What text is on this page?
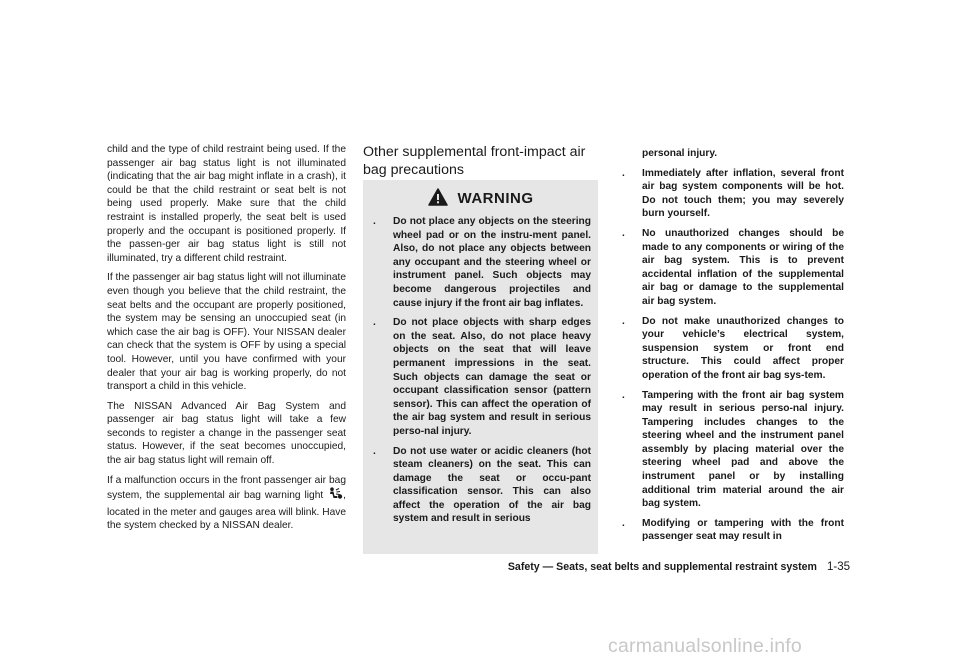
child and the type of child restraint being used. If the passenger air bag status light is not illuminated (indicating that the air bag might inflate in a crash), it could be that the child restraint or seat belt is not being used properly. Make sure that the child restraint is installed properly, the seat belt is used properly and the occupant is positioned properly. If the passen-ger air bag status light is still not illuminated, try a different child restraint.

If the passenger air bag status light will not illuminate even though you believe that the child restraint, the seat belts and the occupant are properly positioned, the system may be sensing an unoccupied seat (in which case the air bag is OFF). Your NISSAN dealer can check that the system is OFF by using a special tool. However, until you have confirmed with your dealer that your air bag is working properly, do not transport a child in this vehicle.

The NISSAN Advanced Air Bag System and passenger air bag status light will take a few seconds to register a change in the passenger seat status. However, if the seat becomes unoccupied, the air bag status light will remain off.

If a malfunction occurs in the front passenger air bag system, the supplemental air bag warning light , located in the meter and gauges area will blink. Have the system checked by a NISSAN dealer.

Other supplemental front-impact air bag precautions
WARNING
.	Do not place any objects on the steering wheel pad or on the instru-ment panel. Also, do not place any objects between any occupant and the steering wheel or instrument panel. Such objects may become dangerous projectiles and cause injury if the front air bag inflates.
.	Do not place objects with sharp edges on the seat. Also, do not place heavy objects on the seat that will leave permanent impressions in the seat. Such objects can damage the seat or occupant classification sensor (pattern sensor). This can affect the operation of the air bag system and result in serious perso-nal injury.
.	Do not use water or acidic cleaners (hot steam cleaners) on the seat. This can damage the seat or occu-pant classification sensor. This can also affect the operation of the air bag system and result in serious
personal injury.
.	Immediately after inflation, several front air bag system components will be hot. Do not touch them; you may severely burn yourself.
.	No unauthorized changes should be made to any components or wiring of the air bag system. This is to prevent accidental inflation of the supplemental air bag or damage to the supplemental air bag system.
.	Do not make unauthorized changes to your vehicle’s electrical system, suspension system or front end structure. This could affect proper operation of the front air bag sys-tem.
.	Tampering with the front air bag system may result in serious perso-nal injury. Tampering includes changes to the steering wheel and the instrument panel assembly by placing material over the steering wheel pad and above the instrument panel or by installing additional trim material around the air bag system.
.	Modifying or tampering with the front passenger seat may result in
Safety — Seats, seat belts and supplemental restraint system 1-35
carmanualsonline.info
